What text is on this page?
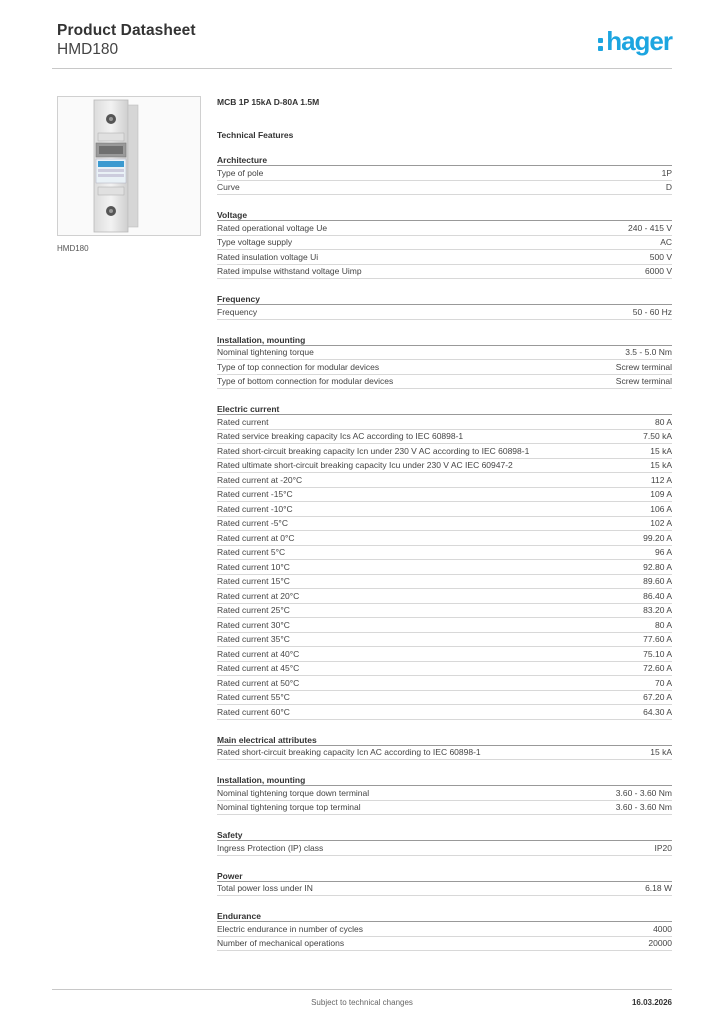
Product Datasheet
HMD180	hager
HMD180
MCB 1P 15kA D-80A 1.5M
Technical Features
Architecture
Type of pole	1P
Curve	D
Voltage
Rated operational voltage Ue	240 - 415 V
Type voltage supply	AC
Rated insulation voltage Ui	500 V
Rated impulse withstand voltage Uimp	6000 V
Frequency
Frequency	50 - 60 Hz
Installation, mounting
Nominal tightening torque	3.5 - 5.0 Nm
Type of top connection for modular devices	Screw terminal
Type of bottom connection for modular devices	Screw terminal
Electric current
Rated current	80 A
Rated service breaking capacity Ics AC according to IEC 60898-1	7.50 kA
Rated short-circuit breaking capacity Icn under 230 V AC according to IEC 60898-1	15 kA
Rated ultimate short-circuit breaking capacity Icu under 230 V AC IEC 60947-2	15 kA
Rated current at -20°C	112 A
Rated current -15°C	109 A
Rated current -10°C	106 A
Rated current -5°C	102 A
Rated current at 0°C	99.20 A
Rated current 5°C	96 A
Rated current 10°C	92.80 A
Rated current 15°C	89.60 A
Rated current at 20°C	86.40 A
Rated current 25°C	83.20 A
Rated current 30°C	80 A
Rated current 35°C	77.60 A
Rated current at 40°C	75.10 A
Rated current at 45°C	72.60 A
Rated current at 50°C	70 A
Rated current 55°C	67.20 A
Rated current 60°C	64.30 A
Main electrical attributes
Rated short-circuit breaking capacity Icn AC according to IEC 60898-1	15 kA
Installation, mounting
Nominal tightening torque down terminal	3.60 - 3.60 Nm
Nominal tightening torque top terminal	3.60 - 3.60 Nm
Safety
Ingress Protection (IP) class	IP20
Power
Total power loss under IN	6.18 W
Endurance
Electric endurance in number of cycles	4000
Number of mechanical operations	20000
Subject to technical changes	16.03.2026
